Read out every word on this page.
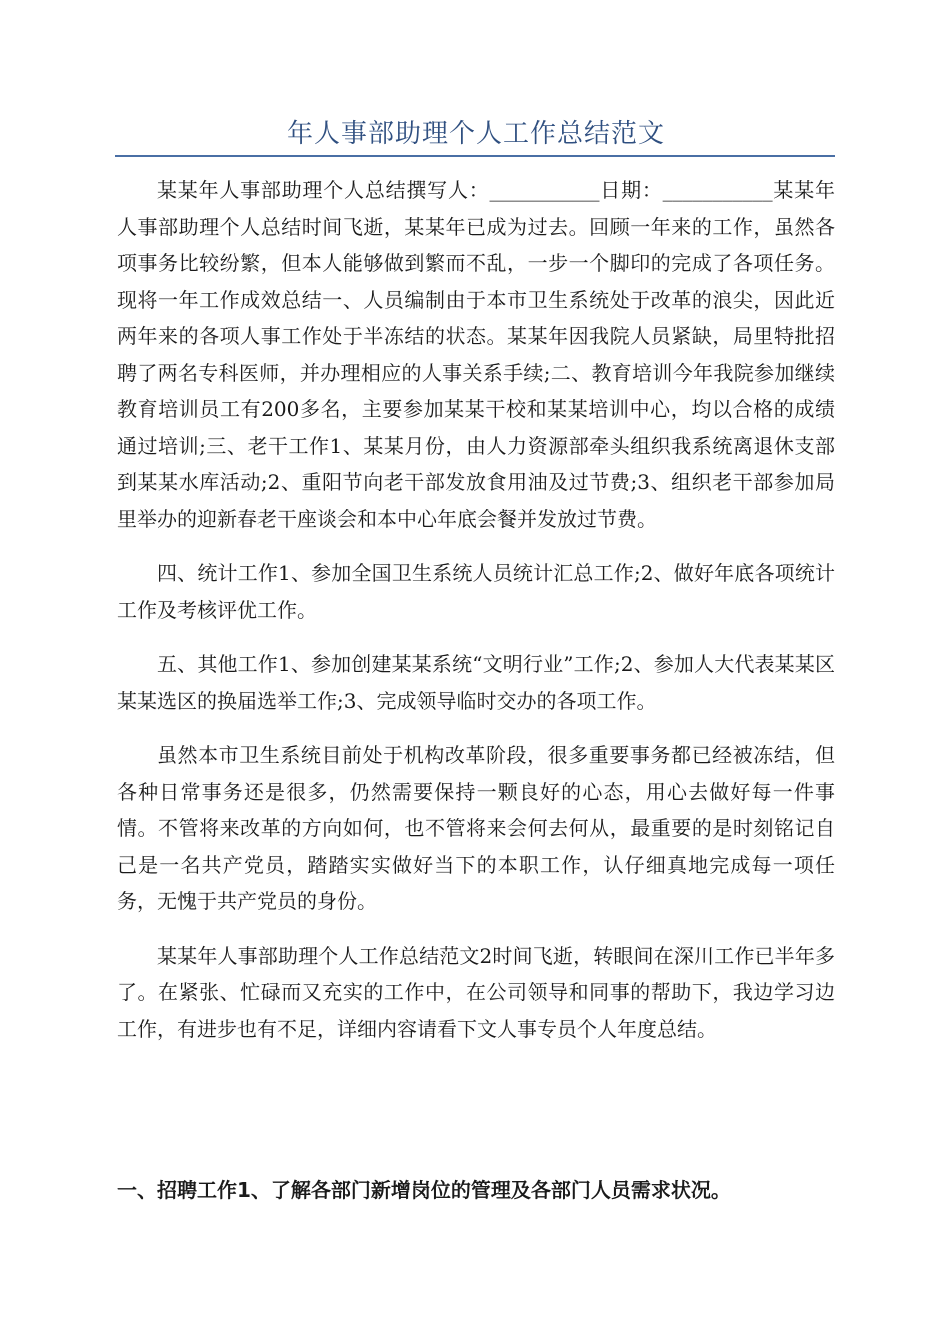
年人事部助理个人工作总结范文

某某年人事部助理个人总结撰写人：___________日期：___________某某年人事部助理个人总结时间飞逝，某某年已成为过去。回顾一年来的工作，虽然各项事务比较纷繁，但本人能够做到繁而不乱，一步一个脚印的完成了各项任务。现将一年工作成效总结一、人员编制由于本市卫生系统处于改革的浪尖，因此近两年来的各项人事工作处于半冻结的状态。某某年因我院人员紧缺，局里特批招聘了两名专科医师，并办理相应的人事关系手续;二、教育培训今年我院参加继续教育培训员工有200多名，主要参加某某干校和某某培训中心，均以合格的成绩通过培训;三、老干工作1、某某月份，由人力资源部牵头组织我系统离退休支部到某某水库活动;2、重阳节向老干部发放食用油及过节费;3、组织老干部参加局里举办的迎新春老干座谈会和本中心年底会餐并发放过节费。

四、统计工作1、参加全国卫生系统人员统计汇总工作;2、做好年底各项统计工作及考核评优工作。

五、其他工作1、参加创建某某系统“文明行业”工作;2、参加人大代表某某区某某选区的换届选举工作;3、完成领导临时交办的各项工作。

虽然本市卫生系统目前处于机构改革阶段，很多重要事务都已经被冻结，但各种日常事务还是很多，仍然需要保持一颗良好的心态，用心去做好每一件事情。不管将来改革的方向如何，也不管将来会何去何从，最重要的是时刻铭记自己是一名共产党员，踏踏实实做好当下的本职工作，认仔细真地完成每一项任务，无愧于共产党员的身份。

某某年人事部助理个人工作总结范文2时间飞逝，转眼间在深川工作已半年多了。在紧张、忙碌而又充实的工作中，在公司领导和同事的帮助下，我边学习边工作，有进步也有不足，详细内容请看下文人事专员个人年度总结。

一、招聘工作1、了解各部门新增岗位的管理及各部门人员需求状况。
